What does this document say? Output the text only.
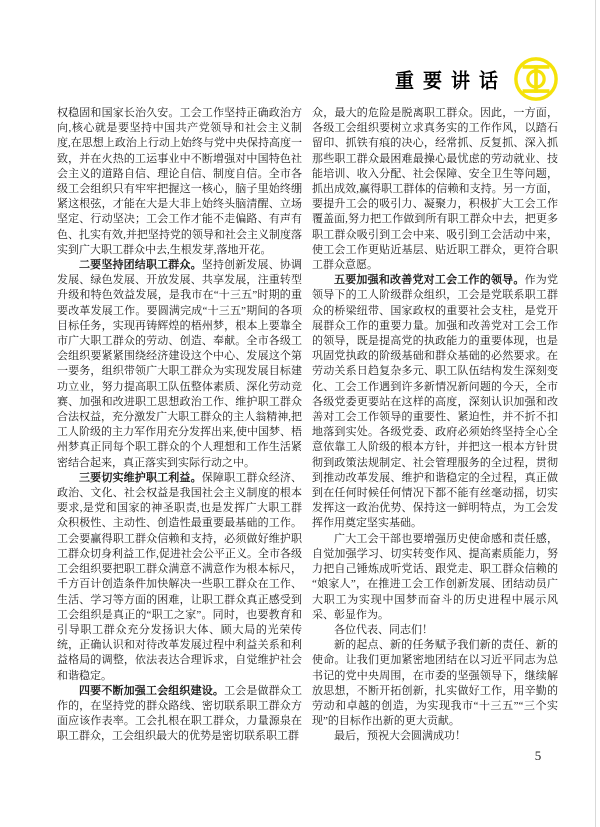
重要讲话

权稳固和国家长治久安。工会工作坚持正确政治方向,核心就是要坚持中国共产党领导和社会主义制度,在思想上政治上行动上始终与党中央保持高度一致，并在火热的工运事业中不断增强对中国特色社会主义的道路自信、理论自信、制度自信。全市各级工会组织只有牢牢把握这一核心，脑子里始终绷紧这根弦，才能在大是大非上始终头脑清醒、立场坚定、行动坚决；工会工作才能不走偏路、有声有色、扎实有效,并把坚持党的领导和社会主义制度落实到广大职工群众中去,生根发芽,落地开花。

二要坚持团结职工群众。坚持创新发展、协调发展、绿色发展、开放发展、共享发展，注重转型升级和特色效益发展，是我市在“十三五”时期的重要改革发展工作。要圆满完成“十三五”期间的各项目标任务，实现再铸辉煌的梧州梦，根本上要靠全市广大职工群众的劳动、创造、奉献。全市各级工会组织要紧紧围绕经济建设这个中心、发展这个第一要务，组织带领广大职工群众为实现发展目标建功立业，努力提高职工队伍整体素质、深化劳动竞赛、加强和改进职工思想政治工作、维护职工群众合法权益，充分激发广大职工群众的主人翁精神,把工人阶级的主力军作用充分发挥出来,使中国梦、梧州梦真正同每个职工群众的个人理想和工作生活紧密结合起来，真正落实到实际行动之中。

三要切实维护职工利益。保障职工群众经济、政治、文化、社会权益是我国社会主义制度的根本要求,是党和国家的神圣职责,也是发挥广大职工群众积极性、主动性、创造性最重要最基础的工作。工会要赢得职工群众信赖和支持，必须做好维护职工群众切身利益工作,促进社会公平正义。全市各级工会组织要把职工群众满意不满意作为根本标尺，千方百计创造条件加快解决一些职工群众在工作、生活、学习等方面的困难，让职工群众真正感受到工会组织是真正的“职工之家”。同时，也要教育和引导职工群众充分发扬识大体、顾大局的光荣传统，正确认识和对待改革发展过程中利益关系和利益格局的调整，依法表达合理诉求，自觉维护社会和谐稳定。

四要不断加强工会组织建设。工会是做群众工作的，在坚持党的群众路线、密切联系职工群众方面应该作表率。工会扎根在职工群众，力量源泉在职工群众，工会组织最大的优势是密切联系职工群

众，最大的危险是脱离职工群众。因此，一方面，各级工会组织要树立求真务实的工作作风，以踏石留印、抓铁有痕的决心，经常抓、反复抓、深入抓那些职工群众最困难最操心最忧虑的劳动就业、技能培训、收入分配、社会保障、安全卫生等问题，抓出成效,赢得职工群体的信赖和支持。另一方面，要提升工会的吸引力、凝聚力，积极扩大工会工作覆盖面,努力把工作做到所有职工群众中去，把更多职工群众吸引到工会中来、吸引到工会活动中来，使工会工作更贴近基层、贴近职工群众，更符合职工群众意愿。

五要加强和改善党对工会工作的领导。作为党领导下的工人阶级群众组织，工会是党联系职工群众的桥梁纽带、国家政权的重要社会支柱，是党开展群众工作的重要力量。加强和改善党对工会工作的领导，既是提高党的执政能力的重要体现，也是巩固党执政的阶级基础和群众基础的必然要求。在劳动关系日趋复杂多元、职工队伍结构发生深刻变化、工会工作遇到许多新情况新问题的今天，全市各级党委更要站在这样的高度，深刻认识加强和改善对工会工作领导的重要性、紧迫性，并不折不扣地落到实处。各级党委、政府必须始终坚持全心全意依靠工人阶级的根本方针，并把这一根本方针贯彻到政策法规制定、社会管理服务的全过程，贯彻到推动改革发展、维护和谐稳定的全过程，真正做到在任何时候任何情况下都不能有丝毫动摇，切实发挥这一政治优势、保持这一鲜明特点，为工会发挥作用奠定坚实基础。

广大工会干部也要增强历史使命感和责任感，自觉加强学习、切实转变作风、提高素质能力，努力把自己锤炼成听党话、跟党走、职工群众信赖的“娘家人”，在推进工会工作创新发展、团结动员广大职工为实现中国梦而奋斗的历史进程中展示风采、彰显作为。

各位代表、同志们！

新的起点、新的任务赋予我们新的责任、新的使命。让我们更加紧密地团结在以习近平同志为总书记的党中央周围，在市委的坚强领导下，继续解放思想，不断开拓创新，扎实做好工作，用辛勤的劳动和卓越的创造，为实现我市“十三五”“三个实现”的目标作出新的更大贡献。

最后，预祝大会圆满成功！

5
